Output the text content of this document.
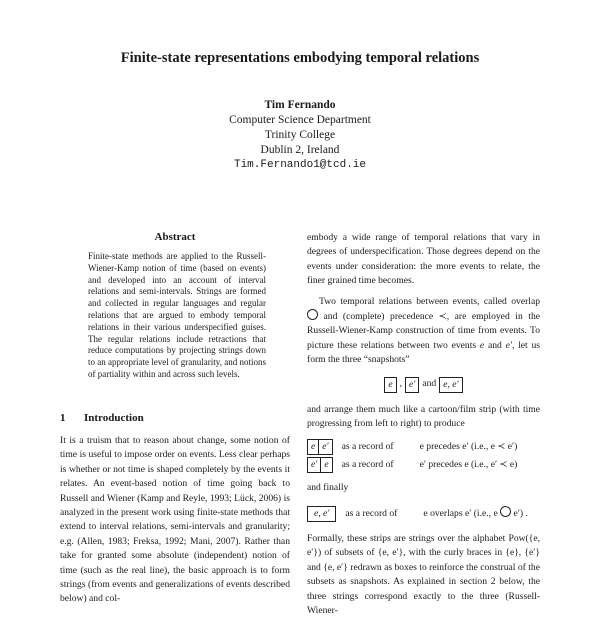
Finite-state representations embodying temporal relations
Tim Fernando
Computer Science Department
Trinity College
Dublin 2, Ireland
Tim.Fernando1@tcd.ie
Abstract
Finite-state methods are applied to the Russell-Wiener-Kamp notion of time (based on events) and developed into an account of interval relations and semi-intervals. Strings are formed and collected in regular languages and regular relations that are argued to embody temporal relations in their various underspecified guises. The regular relations include retractions that reduce computations by projecting strings down to an appropriate level of granularity, and notions of partiality within and across such levels.
1 Introduction
It is a truism that to reason about change, some notion of time is useful to impose order on events. Less clear perhaps is whether or not time is shaped completely by the events it relates. An event-based notion of time going back to Russell and Wiener (Kamp and Reyle, 1993; Lück, 2006) is analyzed in the present work using finite-state methods that extend to interval relations, semi-intervals and granularity; e.g. (Allen, 1983; Freksa, 1992; Mani, 2007). Rather than take for granted some absolute (independent) notion of time (such as the real line), the basic approach is to form strings (from events and generalizations of events described below) and col-

embody a wide range of temporal relations that vary in degrees of underspecification. Those degrees depend on the events under consideration: the more events to relate, the finer grained time becomes.

Two temporal relations between events, called overlap  and (complete) precedence ≺, are employed in the Russell-Wiener-Kamp construction of time from events. To picture these relations between two events e and e′, let us form the three “snapshots”

e , e′ and e, e′

and arrange them much like a cartoon/film strip (with time progressing from left to right) to produce

e e′	as a record of	e precedes e′ (i.e., e ≺ e′)
e′ e	as a record of	e′ precedes e (i.e., e′ ≺ e)

and finally

e, e′	as a record of	e overlaps e′ (i.e., e e′) .

Formally, these strips are strings over the alphabet Pow({e, e′}) of subsets of {e, e′}, with the curly braces in {e}, {e′} and {e, e′} redrawn as boxes to reinforce the construal of the subsets as snapshots. As explained in section 2 below, the three strings correspond exactly to the three (Russell-Wiener-
